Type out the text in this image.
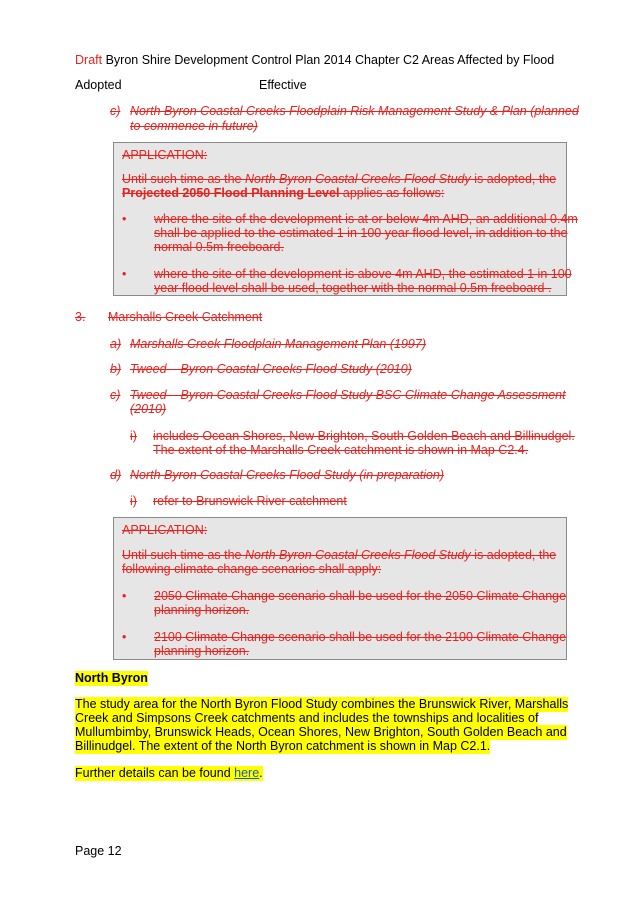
Draft Byron Shire Development Control Plan 2014 Chapter C2 Areas Affected by Flood
Adopted	Effective
c) North Byron Coastal Creeks Floodplain Risk Management Study & Plan (planned
to commence in future)
APPLICATION:
Until such time as the North Byron Coastal Creeks Flood Study is adopted, the
Projected 2050 Flood Planning Level applies as follows:
• where the site of the development is at or below 4m AHD, an additional 0.4m
shall be applied to the estimated 1 in 100 year flood level, in addition to the
normal 0.5m freeboard.
• where the site of the development is above 4m AHD, the estimated 1 in 100
year flood level shall be used, together with the normal 0.5m freeboard .
3. Marshalls Creek Catchment
a) Marshalls Creek Floodplain Management Plan (1997)
b) Tweed – Byron Coastal Creeks Flood Study (2010)
c) Tweed – Byron Coastal Creeks Flood Study BSC Climate Change Assessment
(2010)
i) includes Ocean Shores, New Brighton, South Golden Beach and Billinudgel.
The extent of the Marshalls Creek catchment is shown in Map C2.4.
d) North Byron Coastal Creeks Flood Study (in preparation)
i) refer to Brunswick River catchment
APPLICATION:
Until such time as the North Byron Coastal Creeks Flood Study is adopted, the
following climate change scenarios shall apply:
• 2050 Climate Change scenario shall be used for the 2050 Climate Change
planning horizon.
• 2100 Climate Change scenario shall be used for the 2100 Climate Change
planning horizon.
North Byron
The study area for the North Byron Flood Study combines the Brunswick River, Marshalls
Creek and Simpsons Creek catchments and includes the townships and localities of
Mullumbimby, Brunswick Heads, Ocean Shores, New Brighton, South Golden Beach and
Billinudgel. The extent of the North Byron catchment is shown in Map C2.1.
Further details can be found here.
Page 12
